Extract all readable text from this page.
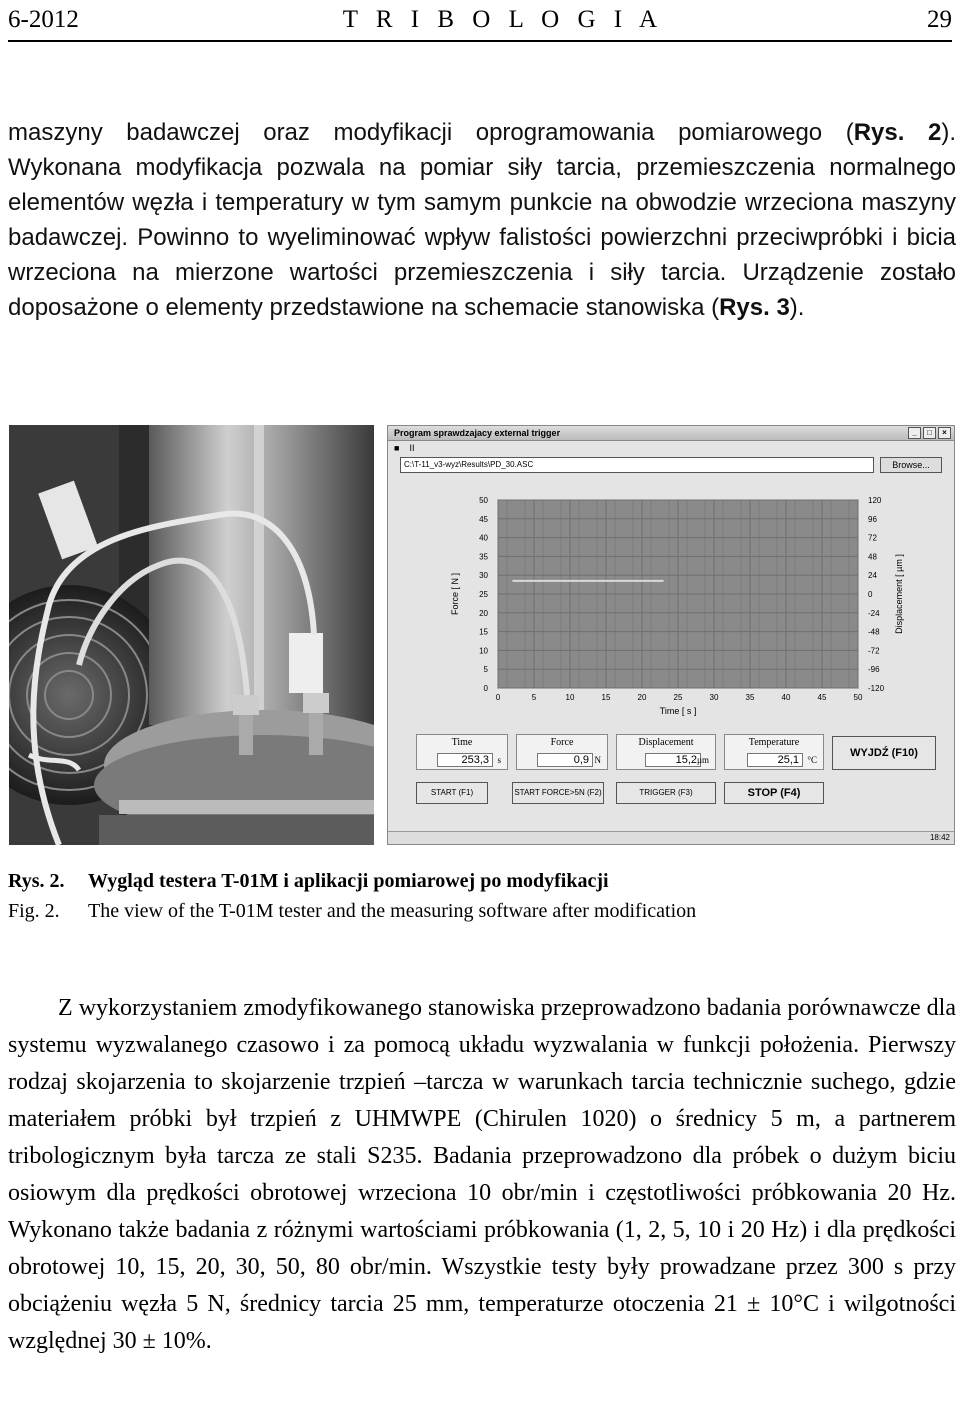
6-2012	T R I B O L O G I A	29
maszyny badawczej oraz modyfikacji oprogramowania pomiarowego (Rys. 2). Wykonana modyfikacja pozwala na pomiar siły tarcia, przemieszczenia normalnego elementów węzła i temperatury w tym samym punkcie na obwodzie wrzeciona maszyny badawczej. Powinno to wyeliminować wpływ falistości powierzchni przeciwpróbki i bicia wrzeciona na mierzone wartości przemieszczenia i siły tarcia. Urządzenie zostało doposażone o elementy przedstawione na schemacie stanowiska (Rys. 3).
Program sprawdzajacy external trigger	_	□	×
■ II
C:\T-11_v3-wyz\Results\PD_30.ASC	Browse...
0	5	10	15	20	25	30	35	40	45	50
0
5
10
15
20
25
30
35
40
45
50
-120
-96
-72
-48
-24
0
24
48
72
96
120
Time [ s ]
Force [ N ]	Displacement [ µm ]
Time
253,3 s
Force
0,9 N
Displacement
15,2 µm
Temperature
25,1 °C
WYJDŹ (F10)
START (F1)	START FORCE>5N (F2)	TRIGGER (F3)	STOP (F4)
18:42
Rys. 2. Wygląd testera T-01M i aplikacji pomiarowej po modyfikacji
Fig. 2. The view of the T-01M tester and the measuring software after modification
Z wykorzystaniem zmodyfikowanego stanowiska przeprowadzono badania porównawcze dla systemu wyzwalanego czasowo i za pomocą układu wyzwalania w funkcji położenia. Pierwszy rodzaj skojarzenia to skojarzenie trzpień –tarcza w warunkach tarcia technicznie suchego, gdzie materiałem próbki był trzpień z UHMWPE (Chirulen 1020) o średnicy 5 m, a partnerem tribologicznym była tarcza ze stali S235. Badania przeprowadzono dla próbek o dużym biciu osiowym dla prędkości obrotowej wrzeciona 10 obr/min i częstotliwości próbkowania 20 Hz. Wykonano także badania z różnymi wartościami próbkowania (1, 2, 5, 10 i 20 Hz) i dla prędkości obrotowej 10, 15, 20, 30, 50, 80 obr/min. Wszystkie testy były prowadzane przez 300 s przy obciążeniu węzła 5 N, średnicy tarcia 25 mm, temperaturze otoczenia 21 ± 10°C i wilgotności względnej 30 ± 10%.
